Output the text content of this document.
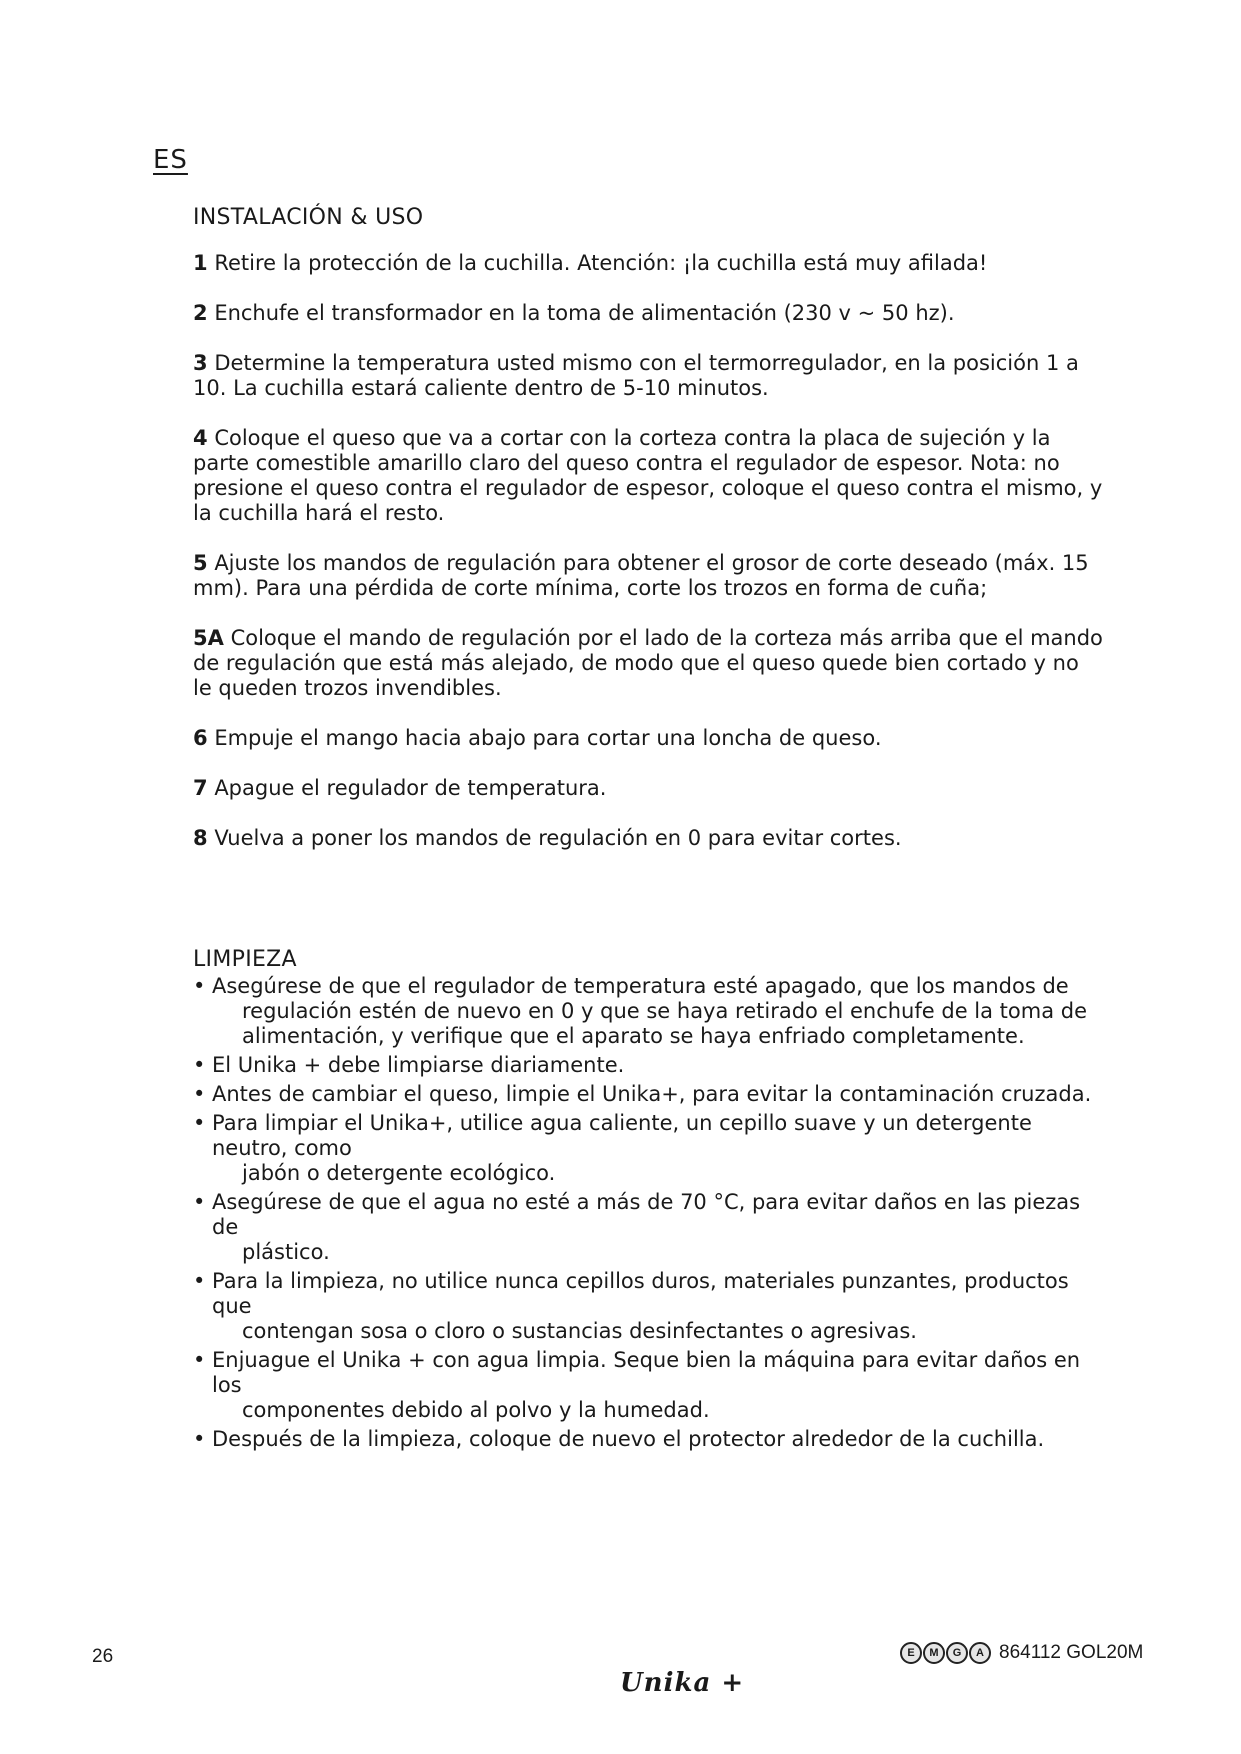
ES
INSTALACIÓN & USO
1 Retire la protección de la cuchilla. Atención: ¡la cuchilla está muy afilada!
2 Enchufe el transformador en la toma de alimentación (230 v ~ 50 hz).
3 Determine la temperatura usted mismo con el termorregulador, en la posición 1 a 10. La cuchilla estará caliente dentro de 5-10 minutos.
4 Coloque el queso que va a cortar con la corteza contra la placa de sujeción y la parte comestible amarillo claro del queso contra el regulador de espesor. Nota: no presione el queso contra el regulador de espesor, coloque el queso contra el mismo, y la cuchilla hará el resto.
5 Ajuste los mandos de regulación para obtener el grosor de corte deseado (máx. 15 mm). Para una pérdida de corte mínima, corte los trozos en forma de cuña;
5A Coloque el mando de regulación por el lado de la corteza más arriba que el mando de regulación que está más alejado, de modo que el queso quede bien cortado y no le queden trozos invendibles.
6 Empuje el mango hacia abajo para cortar una loncha de queso.
7 Apague el regulador de temperatura.
8 Vuelva a poner los mandos de regulación en 0 para evitar cortes.
LIMPIEZA
• Asegúrese de que el regulador de temperatura esté apagado, que los mandos de
regulación estén de nuevo en 0 y que se haya retirado el enchufe de la toma de alimentación, y verifique que el aparato se haya enfriado completamente.
• El Unika + debe limpiarse diariamente.
• Antes de cambiar el queso, limpie el Unika+, para evitar la contaminación cruzada.
• Para limpiar el Unika+, utilice agua caliente, un cepillo suave y un detergente neutro, como
jabón o detergente ecológico.
• Asegúrese de que el agua no esté a más de 70 °C, para evitar daños en las piezas de
plástico.
• Para la limpieza, no utilice nunca cepillos duros, materiales punzantes, productos que
contengan sosa o cloro o sustancias desinfectantes o agresivas.
• Enjuague el Unika + con agua limpia. Seque bien la máquina para evitar daños en los
componentes debido al polvo y la humedad.
• Después de la limpieza, coloque de nuevo el protector alrededor de la cuchilla.
26	E	M	G	A 864112 GOL20M
Unika +
